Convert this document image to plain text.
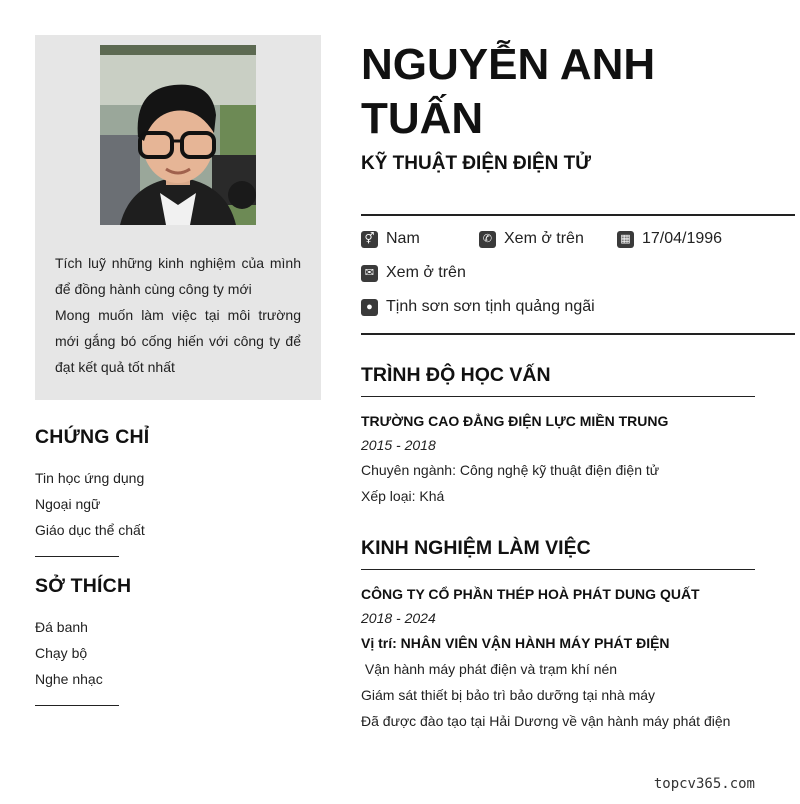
Tích luỹ những kinh nghiệm của mình để đồng hành cùng công ty mới

Mong muốn làm việc tại môi trường mới gắng bó cống hiến với công ty để đạt kết quả tốt nhất

CHỨNG CHỈ
Tin học ứng dụng
Ngoại ngữ
Giáo dục thể chất
SỞ THÍCH
Đá banh
Chạy bộ
Nghe nhạc
NGUYỄN ANH TUẤN
KỸ THUẬT ĐIỆN ĐIỆN TỬ
⚥ Nam	✆ Xem ở trên	▦ 17/04/1996
✉ Xem ở trên
● Tịnh sơn sơn tịnh quảng ngãi
TRÌNH ĐỘ HỌC VẤN
TRƯỜNG CAO ĐẲNG ĐIỆN LỰC MIỀN TRUNG
2015 - 2018
Chuyên ngành: Công nghệ kỹ thuật điện điện tử
Xếp loại: Khá
KINH NGHIỆM LÀM VIỆC
CÔNG TY CỔ PHẦN THÉP HOÀ PHÁT DUNG QUẤT
2018 - 2024
Vị trí: NHÂN VIÊN VẬN HÀNH MÁY PHÁT ĐIỆN
Vận hành máy phát điện và trạm khí nén
Giám sát thiết bị bảo trì bảo dưỡng tại nhà máy
Đã được đào tạo tại Hải Dương về vận hành máy phát điện
topcv365.com
